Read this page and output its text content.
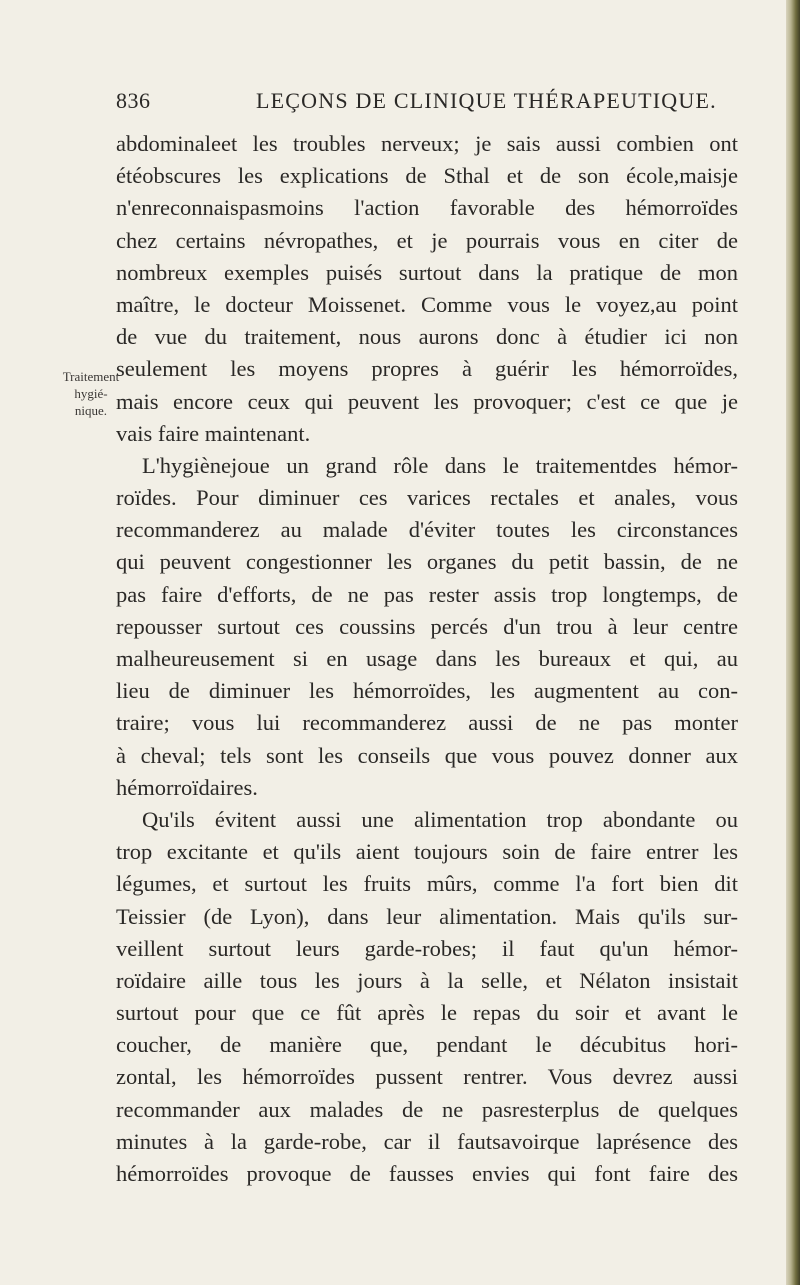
836	LEÇONS DE CLINIQUE THÉRAPEUTIQUE.
Traitement
hygié-
nique.
abdominaleet les troubles nerveux; je sais aussi combien ont
étéobscures les explications de Sthal et de son école,maisje
n'enreconnaispasmoins l'action favorable des hémorroïdes
chez certains névropathes, et je pourrais vous en citer de
nombreux exemples puisés surtout dans la pratique de mon
maître, le docteur Moissenet. Comme vous le voyez,au point
de vue du traitement, nous aurons donc à étudier ici non
seulement les moyens propres à guérir les hémorroïdes,
mais encore ceux qui peuvent les provoquer; c'est ce que je
vais faire maintenant.
L'hygiènejoue un grand rôle dans le traitementdes hémor-
roïdes. Pour diminuer ces varices rectales et anales, vous
recommanderez au malade d'éviter toutes les circonstances
qui peuvent congestionner les organes du petit bassin, de ne
pas faire d'efforts, de ne pas rester assis trop longtemps, de
repousser surtout ces coussins percés d'un trou à leur centre
malheureusement si en usage dans les bureaux et qui, au
lieu de diminuer les hémorroïdes, les augmentent au con-
traire; vous lui recommanderez aussi de ne pas monter
à cheval; tels sont les conseils que vous pouvez donner aux
hémorroïdaires.
Qu'ils évitent aussi une alimentation trop abondante ou
trop excitante et qu'ils aient toujours soin de faire entrer les
légumes, et surtout les fruits mûrs, comme l'a fort bien dit
Teissier (de Lyon), dans leur alimentation. Mais qu'ils sur-
veillent surtout leurs garde-robes; il faut qu'un hémor-
roïdaire aille tous les jours à la selle, et Nélaton insistait
surtout pour que ce fût après le repas du soir et avant le
coucher, de manière que, pendant le décubitus hori-
zontal, les hémorroïdes pussent rentrer. Vous devrez aussi
recommander aux malades de ne pasresterplus de quelques
minutes à la garde-robe, car il fautsavoirque laprésence des
hémorroïdes provoque de fausses envies qui font faire des
